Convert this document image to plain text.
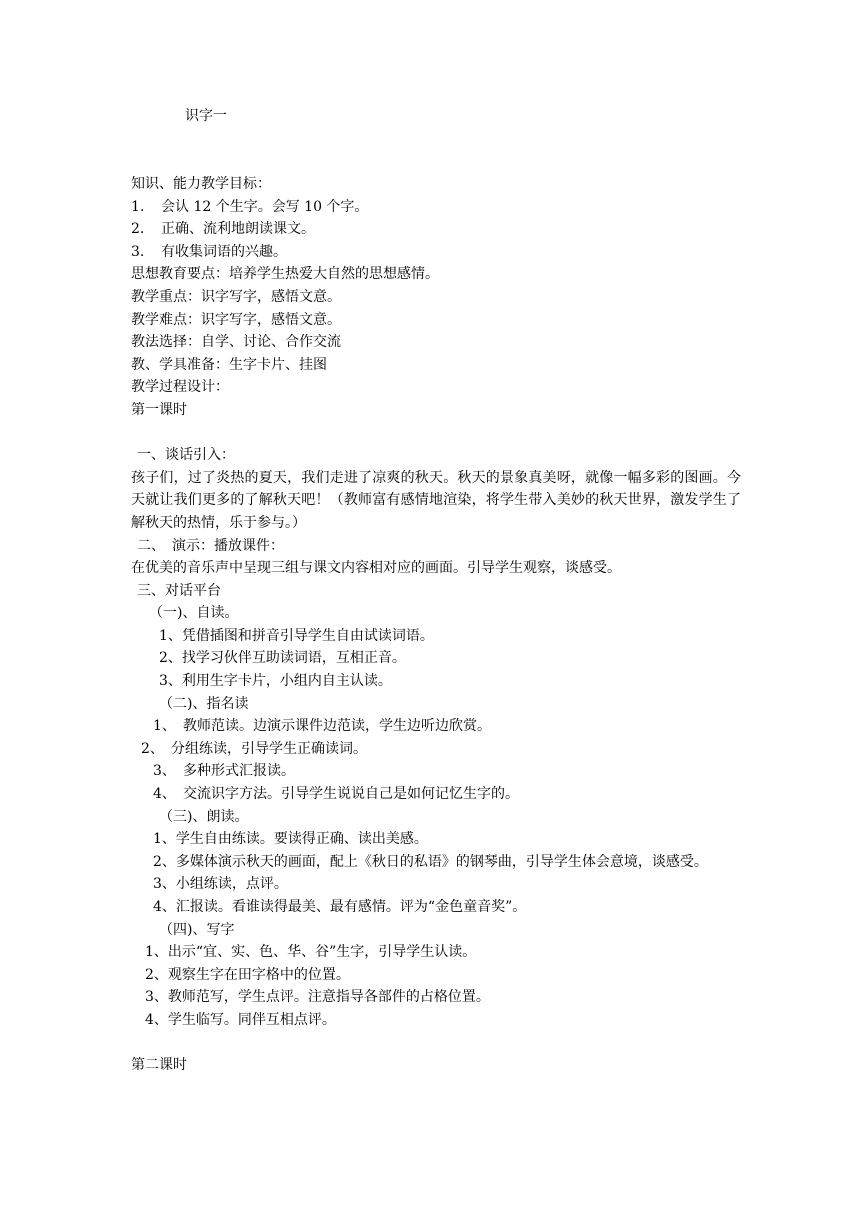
识字一
知识、能力教学目标：
1. 会认 12 个生字。会写 10 个字。
2. 正确、流利地朗读课文。
3. 有收集词语的兴趣。
思想教育要点：培养学生热爱大自然的思想感情。
教学重点：识字写字，感悟文意。
教学难点：识字写字，感悟文意。
教法选择：自学、讨论、合作交流
教、学具准备：生字卡片、挂图
教学过程设计：
第一课时
一、谈话引入：
孩子们，过了炎热的夏天，我们走进了凉爽的秋天。秋天的景象真美呀，就像一幅多彩的图画。今天就让我们更多的了解秋天吧！（教师富有感情地渲染，将学生带入美妙的秋天世界，激发学生了解秋天的热情，乐于参与。）
二、　演示：播放课件：
在优美的音乐声中呈现三组与课文内容相对应的画面。引导学生观察，谈感受。
三、对话平台
（一)、自读。
1、凭借插图和拼音引导学生自由试读词语。
2、找学习伙伴互助读词语，互相正音。
3、利用生字卡片，小组内自主认读。
（二)、指名读
1、 教师范读。边演示课件边范读，学生边听边欣赏。
2、 分组练读，引导学生正确读词。
3、 多种形式汇报读。
4、 交流识字方法。引导学生说说自己是如何记忆生字的。
（三)、朗读。
1、学生自由练读。要读得正确、读出美感。
2、多媒体演示秋天的画面，配上《秋日的私语》的钢琴曲，引导学生体会意境，谈感受。
3、小组练读，点评。
4、汇报读。看谁读得最美、最有感情。评为“金色童音奖”。
（四)、写字
1、出示“宜、实、色、华、谷”生字，引导学生认读。
2、观察生字在田字格中的位置。
3、教师范写，学生点评。注意指导各部件的占格位置。
4、学生临写。同伴互相点评。
第二课时
